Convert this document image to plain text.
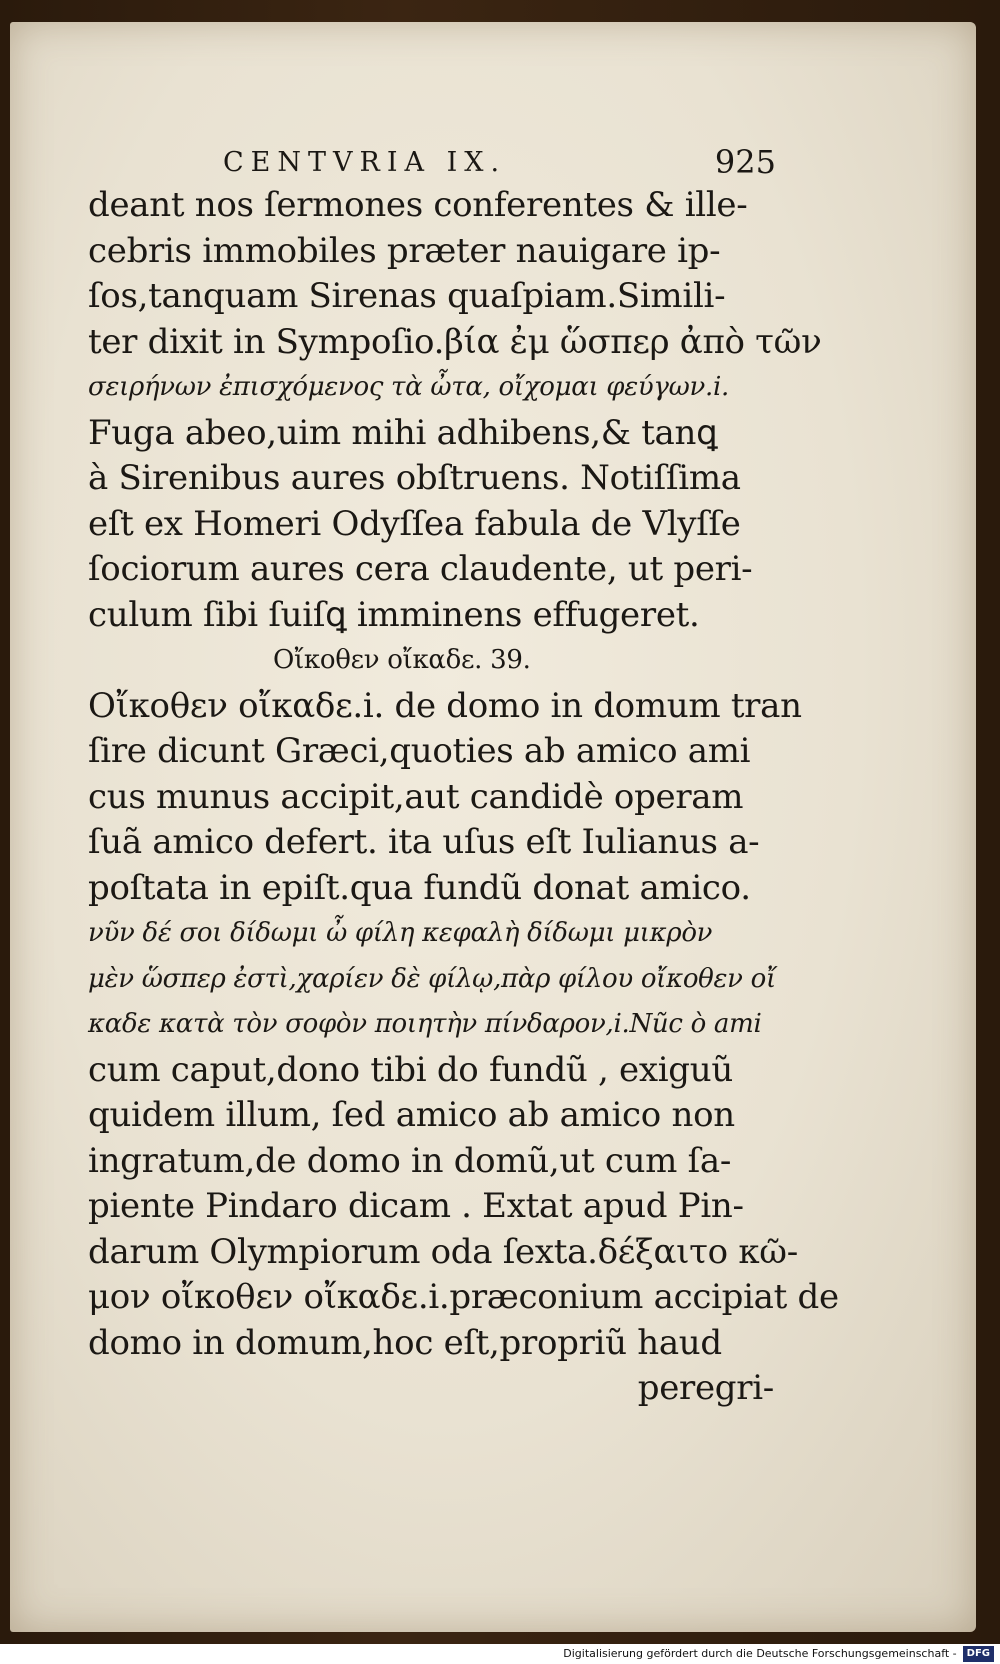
CENTVRIA IX.	925
deant nos ſermones conferentes & ille-
cebris immobiles præter nauigare ip-
ſos,tanquam Sirenas quaſpiam.Simili-
ter dixit in Sympoſio.βία ἐμ ὥσπερ ἀπὸ τῶν
σειρήνων ἐπισχόμενος τὰ ὦτα, οἴχομαι φεύγων.i.
Fuga abeo,uim mihi adhibens,& tanꝗ
à Sirenibus aures obſtruens. Notiſſima
eſt ex Homeri Odyſſea fabula de Vlyſſe
ſociorum aures cera claudente, ut peri-
culum ſibi ſuiſꝗ imminens effugeret.
Οἴκοθεν οἴκαδε. 39.
Οἴκοθεν οἴκαδε.i. de domo in domum tran
ſire dicunt Græci,quoties ab amico ami
cus munus accipit,aut candidè operam
ſuã amico defert. ita uſus eſt Iulianus a-
poſtata in epiſt.qua fundũ donat amico.
νῦν δέ σοι δίδωμι ὦ φίλη κεφαλὴ δίδωμι μικρὸν
μὲν ὥσπερ ἐστὶ,χαρίεν δὲ φίλῳ,πὰρ φίλου οἴκοθεν οἴ
καδε κατὰ τὸν σοφὸν ποιητὴν πίνδαρον,i.Nũc ò ami
cum caput,dono tibi do fundũ , exiguũ
quidem illum, ſed amico ab amico non
ingratum,de domo in domũ,ut cum ſa-
piente Pindaro dicam . Extat apud Pin-
darum Olympiorum oda ſexta.δέξαιτο κῶ-
μον οἴκοθεν οἴκαδε.i.præconium accipiat de
domo in domum,hoc eſt,propriũ haud
peregri-
Digitalisierung gefördert durch die Deutsche Forschungsgemeinschaft - DFG
